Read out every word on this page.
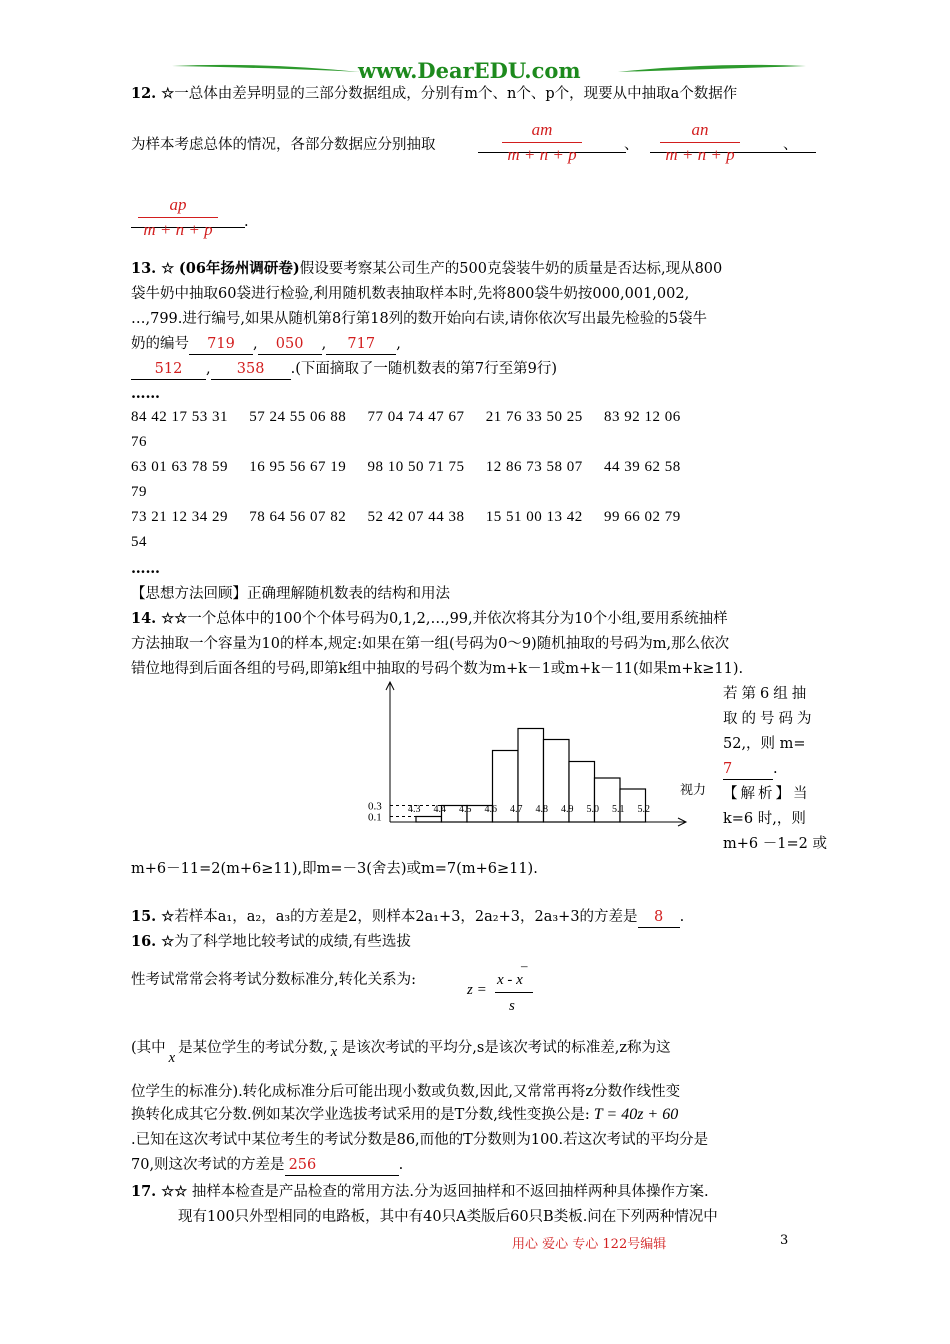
www.DearEDU.com
12. ☆一总体由差异明显的三部分数据组成，分别有m个、n个、p个，现要从中抽取a个数据作
为样本考虑总体的情况，各部分数据应分别抽取
am
m + n + p	、
an
m + n + p	、
ap
m + n + p	.
13. ☆ (06年扬州调研卷)假设要考察某公司生产的500克袋装牛奶的质量是否达标,现从800
袋牛奶中抽取60袋进行检验,利用随机数表抽取样本时,先将800袋牛奶按000,001,002,
…,799.进行编号,如果从随机第8行第18列的数开始向右读,请你依次写出最先检验的5袋牛
奶的编号 719 , 050 , 717 ,
512 , 358 .(下面摘取了一随机数表的第7行至第9行)
……
84 42 17 53 31     57 24 55 06 88     77 04 74 47 67     21 76 33 50 25     83 92 12 06
76
63 01 63 78 59     16 95 56 67 19     98 10 50 71 75     12 86 73 58 07     44 39 62 58
79
73 21 12 34 29     78 64 56 07 82     52 42 07 44 38     15 51 00 13 42     99 66 02 79
54
……
【思想方法回顾】正确理解随机数表的结构和用法
14. ☆☆一个总体中的100个个体号码为0,1,2,…,99,并依次将其分为10个小组,要用系统抽样
方法抽取一个容量为10的样本,规定:如果在第一组(号码为0～9)随机抽取的号码为m,那么依次
错位地得到后面各组的号码,即第k组中抽取的号码个数为m+k－1或m+k－11(如果m+k≥11).
0.1
0.3	4.3 4.4 4.5 4.6 4.7 4.8 4.9 5.0 5.1 5.2
视力
若第6组抽
取的号码为
52,，则 m=
7	.
【解析】当
k=6 时,，则
m+6 －1=2 或
m+6－11=2(m+6≥11),即m=－3(舍去)或m=7(m+6≥11).
15. ☆若样本a₁，a₂，a₃的方差是2，则样本2a₁+3，2a₂+3，2a₃+3的方差是 8 .
16. ☆为了科学地比较考试的成绩,有些选拔
性考试常常会将考试分数标准分,转化关系为:
z =
x - x
–
s
(其中x是某位学生的考试分数, –
x 是该次考试的平均分,s是该次考试的标准差,z称为这
位学生的标准分).转化成标准分后可能出现小数或负数,因此,又常常再将z分数作线性变
换转化成其它分数.例如某次学业选拔考试采用的是T分数,线性变换公是: T = 40z + 60
.已知在这次考试中某位考生的考试分数是86,而他的T分数则为100.若这次考试的平均分是
70,则这次考试的方差是 256	.
17. ☆☆ 抽样本检查是产品检查的常用方法.分为返回抽样和不返回抽样两种具体操作方案.
现有100只外型相同的电路板，其中有40只A类版后60只B类板.问在下列两种情况中
用心 爱心 专心 122号编辑	3
